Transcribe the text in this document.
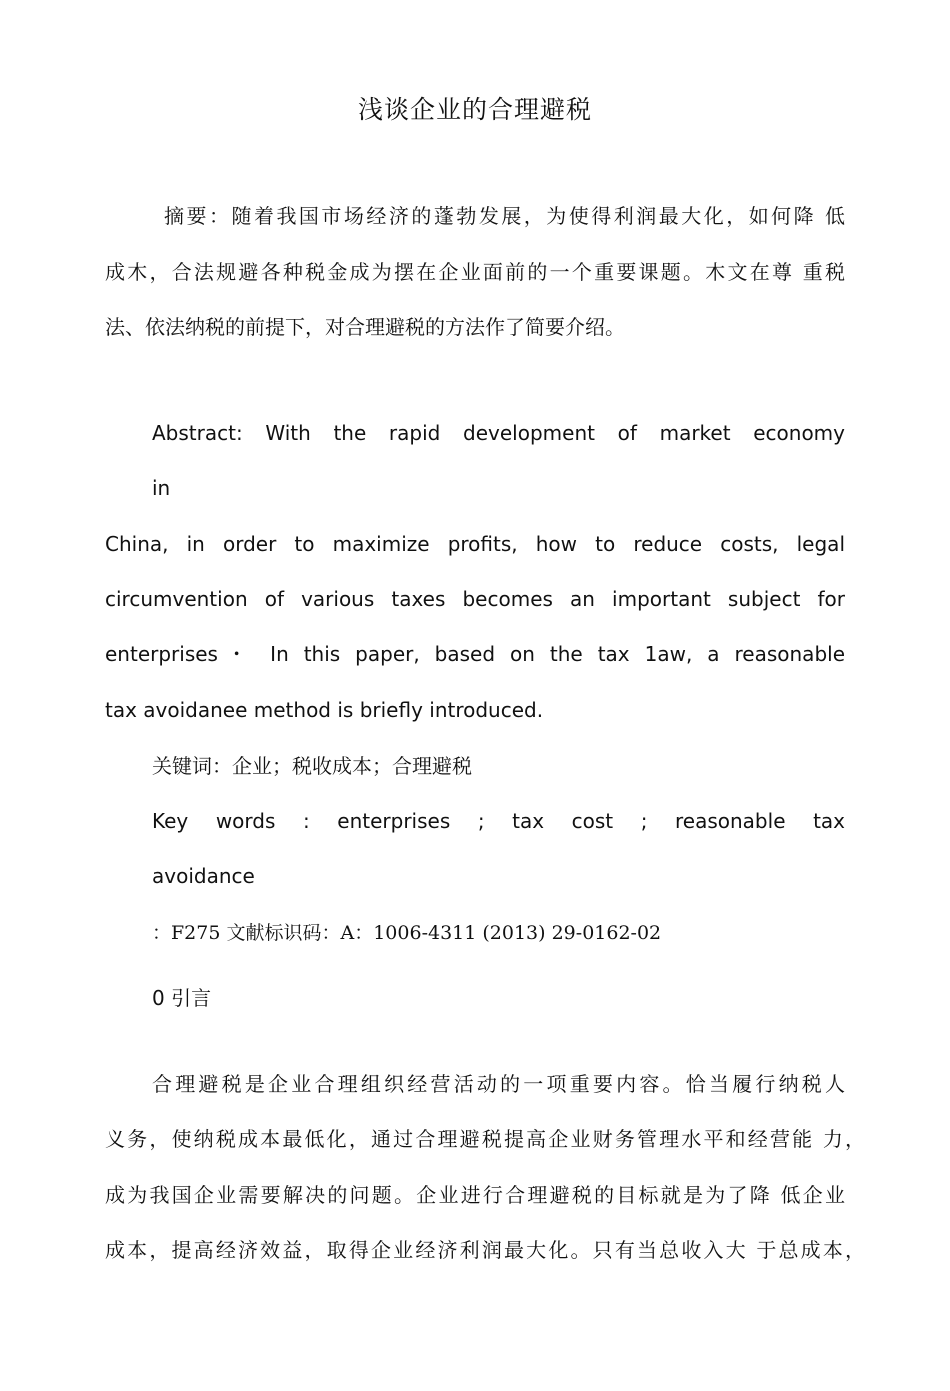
浅谈企业的合理避税
摘要：随着我国市场经济的蓬勃发展，为使得利润最大化，如何降 低
成木，合法规避各种税金成为摆在企业面前的一个重要课题。木文在尊 重税
法、依法纳税的前提下，对合理避税的方法作了简要介绍。
Abstract: With the rapid development of market economy
in
China, in order to maximize profits, how to reduce costs, legal
circumvention of various taxes becomes an important subject for
enterprises・ In this paper, based on the tax 1aw, a reasonable
tax avoidanee method is briefly introduced.
关键词：企业；税收成本；合理避税
Key words : enterprises ; tax cost ; reasonable tax
avoidance
：F275 文献标识码：A：1006-4311 (2013) 29-0162-02
0 引言
合理避税是企业合理组织经营活动的一项重要内容。恰当履行纳税人
义务，使纳税成本最低化，通过合理避税提高企业财务管理水平和经营能 力，
成为我国企业需要解决的问题。企业进行合理避税的目标就是为了降 低企业
成本，提高经济效益，取得企业经济利润最大化。只有当总收入大 于总成本，
